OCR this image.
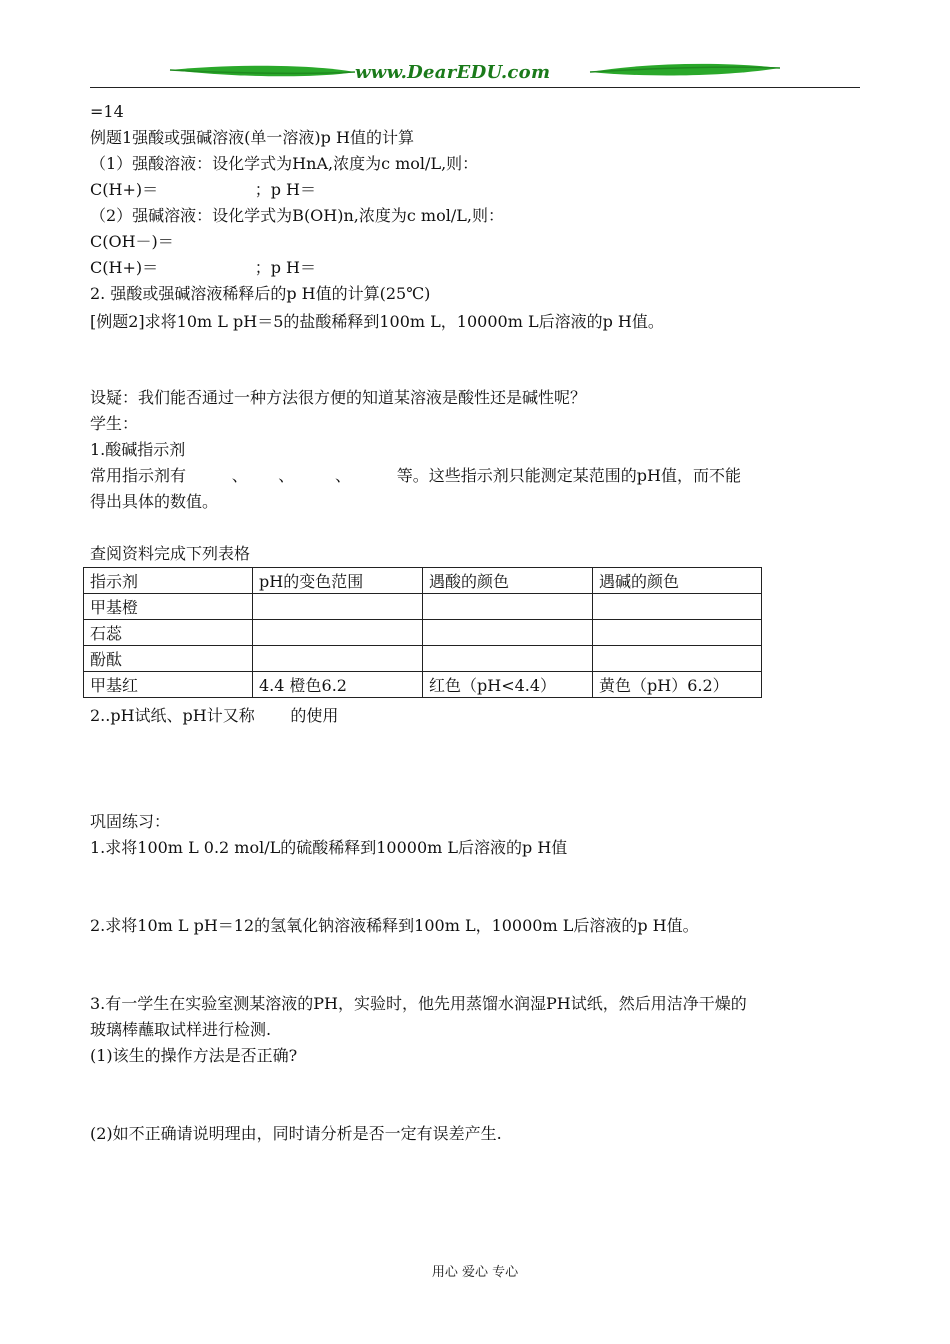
www.DearEDU.com
=14
例题1强酸或强碱溶液(单一溶液)p H值的计算
（1）强酸溶液：设化学式为HnA,浓度为c mol/L,则：
C(H+)＝                   ；p H＝
（2）强碱溶液：设化学式为B(OH)n,浓度为c mol/L,则：
C(OH－)＝
C(H+)＝                   ；p H＝
2. 强酸或强碱溶液稀释后的p H值的计算(25℃)
[例题2]求将10m L pH＝5的盐酸稀释到100m L，10000m L后溶液的p H值。
设疑：我们能否通过一种方法很方便的知道某溶液是酸性还是碱性呢？
学生：
1.酸碱指示剂
常用指示剂有         、      、        、         等。这些指示剂只能测定某范围的pH值，而不能
得出具体的数值。
查阅资料完成下列表格
指示剂	pH的变色范围	遇酸的颜色	遇碱的颜色
甲基橙			
石蕊			
酚酞			
甲基红	4.4 橙色6.2	红色（pH<4.4）	黄色（pH）6.2）
2..pH试纸、pH计又称       的使用
巩固练习：
1.求将100m L 0.2 mol/L的硫酸稀释到10000m L后溶液的p H值
2.求将10m L pH＝12的氢氧化钠溶液稀释到100m L，10000m L后溶液的p H值。
3.有一学生在实验室测某溶液的PH，实验时，他先用蒸馏水润湿PH试纸，然后用洁净干燥的
玻璃棒蘸取试样进行检测.
(1)该生的操作方法是否正确?
(2)如不正确请说明理由，同时请分析是否一定有误差产生.
用心 爱心 专心
